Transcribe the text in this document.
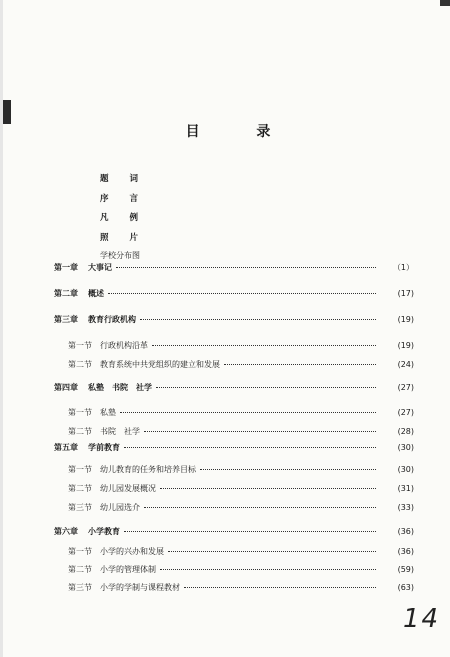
目 录
题 词
序 言
凡 例
照 片
学校分布图
第一章	大事记	（1）
第二章	概述	(17)
第三章	教育行政机构	(19)
第一节	行政机构沿革	(19)
第二节	教育系统中共党组织的建立和发展	(24)
第四章	私塾　书院　社学	(27)
第一节	私塾	(27)
第二节	书院　社学	(28)
第五章	学前教育	(30)
第一节	幼儿教育的任务和培养目标	(30)
第二节	幼儿园发展概况	(31)
第三节	幼儿园选介	(33)
第六章	小学教育	(36)
第一节	小学的兴办和发展	(36)
第二节	小学的管理体制	(59)
第三节	小学的学制与课程教材	(63)
14
